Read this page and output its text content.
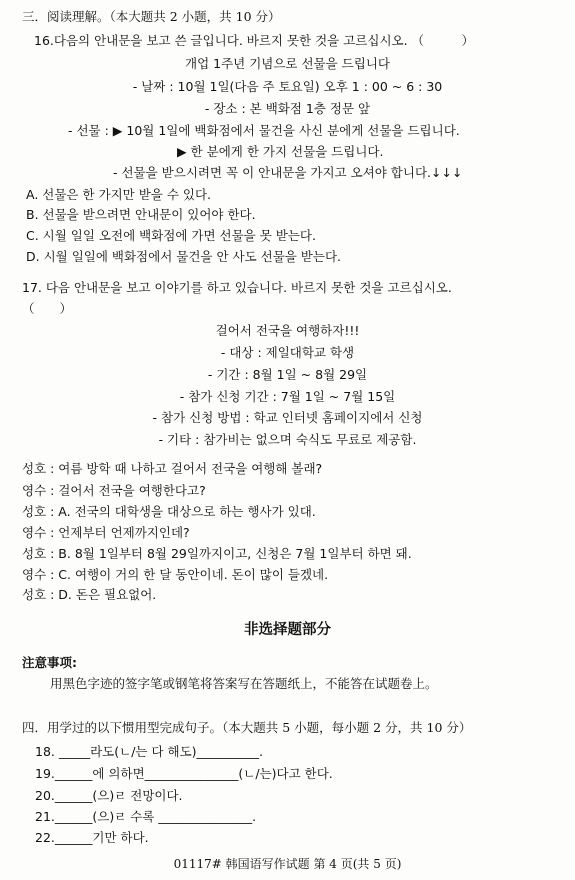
三．阅读理解。（本大题共 2 小题，共 10 分）
16.다음의 안내문을 보고 쓴 글입니다. 바르지 못한 것을 고르십시오. （　　　）
개업 1주년 기념으로 선물을 드립니다
- 날짜 : 10월 1일(다음 주 토요일) 오후 1 : 00 ~ 6 : 30
- 장소 : 본 백화점 1층 정문 앞
- 선물 : ▶ 10월 1일에 백화점에서 물건을 사신 분에게 선물을 드립니다.
▶ 한 분에게 한 가지 선물을 드립니다.
- 선물을 받으시려면 꼭 이 안내문을 가지고 오셔야 합니다.↓↓↓
A. 선물은 한 가지만 받을 수 있다.
B. 선물을 받으려면 안내문이 있어야 한다.
C. 시월 일일 오전에 백화점에 가면 선물을 못 받는다.
D. 시월 일일에 백화점에서 물건을 안 사도 선물을 받는다.
17. 다음 안내문을 보고 이야기를 하고 있습니다. 바르지 못한 것을 고르십시오.
（　　）
걸어서 전국을 여행하자!!!
- 대상 : 제일대학교 학생
- 기간 : 8월 1일 ~ 8월 29일
- 참가 신청 기간 : 7월 1일 ~ 7월 15일
- 참가 신청 방법 : 학교 인터넷 홈페이지에서 신청
- 기타 : 참가비는 없으며 숙식도 무료로 제공함.
성호 : 여름 방학 때 나하고 걸어서 전국을 여행해 볼래?
영수 : 걸어서 전국을 여행한다고?
성호 : A. 전국의 대학생을 대상으로 하는 행사가 있대.
영수 : 언제부터 언제까지인데?
성호 : B. 8월 1일부터 8월 29일까지이고, 신청은 7월 1일부터 하면 돼.
영수 : C. 여행이 거의 한 달 동안이네. 돈이 많이 들겠네.
성호 : D. 돈은 필요없어.
非选择题部分
注意事项:
用黑色字迹的签字笔或钢笔将答案写在答题纸上，不能答在试题卷上。
四．用学过的以下惯用型完成句子。（本大题共 5 小题，每小题 2 分，共 10 分）
18. _____라도(ㄴ/는 다 해도)__________.
19.______에 의하면_______________(ㄴ/는)다고 한다.
20.______(으)ㄹ 전망이다.
21.______(으)ㄹ 수록 _______________.
22.______기만 하다.
01117# 韩国语写作试题 第 4 页(共 5 页)
